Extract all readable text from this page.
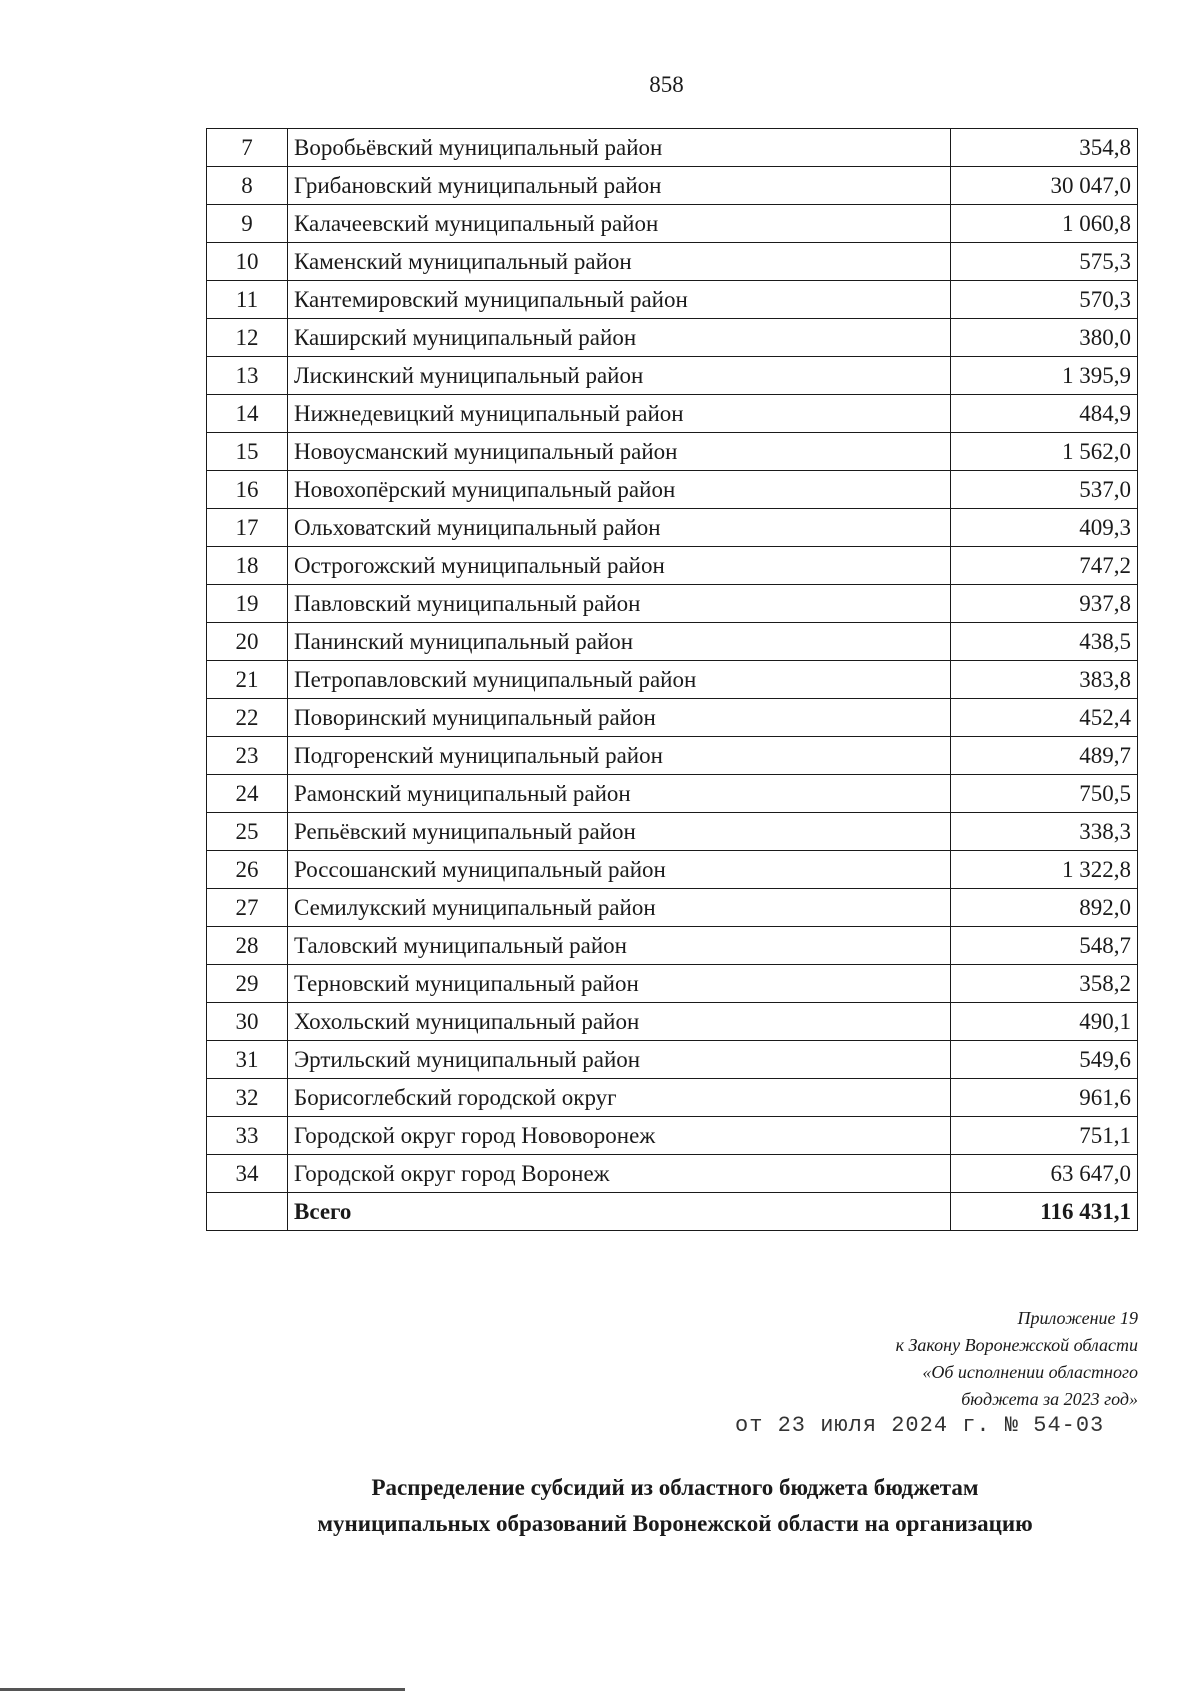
858
7	Воробьёвский муниципальный район	354,8
8	Грибановский муниципальный район	30 047,0
9	Калачеевский муниципальный район	1 060,8
10	Каменский муниципальный район	575,3
11	Кантемировский муниципальный район	570,3
12	Каширский муниципальный район	380,0
13	Лискинский муниципальный район	1 395,9
14	Нижнедевицкий муниципальный район	484,9
15	Новоусманский муниципальный район	1 562,0
16	Новохопёрский муниципальный район	537,0
17	Ольховатский муниципальный район	409,3
18	Острогожский муниципальный район	747,2
19	Павловский муниципальный район	937,8
20	Панинский муниципальный район	438,5
21	Петропавловский муниципальный район	383,8
22	Поворинский муниципальный район	452,4
23	Подгоренский муниципальный район	489,7
24	Рамонский муниципальный район	750,5
25	Репьёвский муниципальный район	338,3
26	Россошанский муниципальный район	1 322,8
27	Семилукский муниципальный район	892,0
28	Таловский муниципальный район	548,7
29	Терновский муниципальный район	358,2
30	Хохольский муниципальный район	490,1
31	Эртильский муниципальный район	549,6
32	Борисоглебский городской округ	961,6
33	Городской округ город Нововоронеж	751,1
34	Городской округ город Воронеж	63 647,0
	Всего	116 431,1
Приложение 19
к Закону Воронежской области
«Об исполнении областного
бюджета за 2023 год»
от 23 июля 2024 г. № 54-03
Распределение субсидий из областного бюджета бюджетам
муниципальных образований Воронежской области на организацию
